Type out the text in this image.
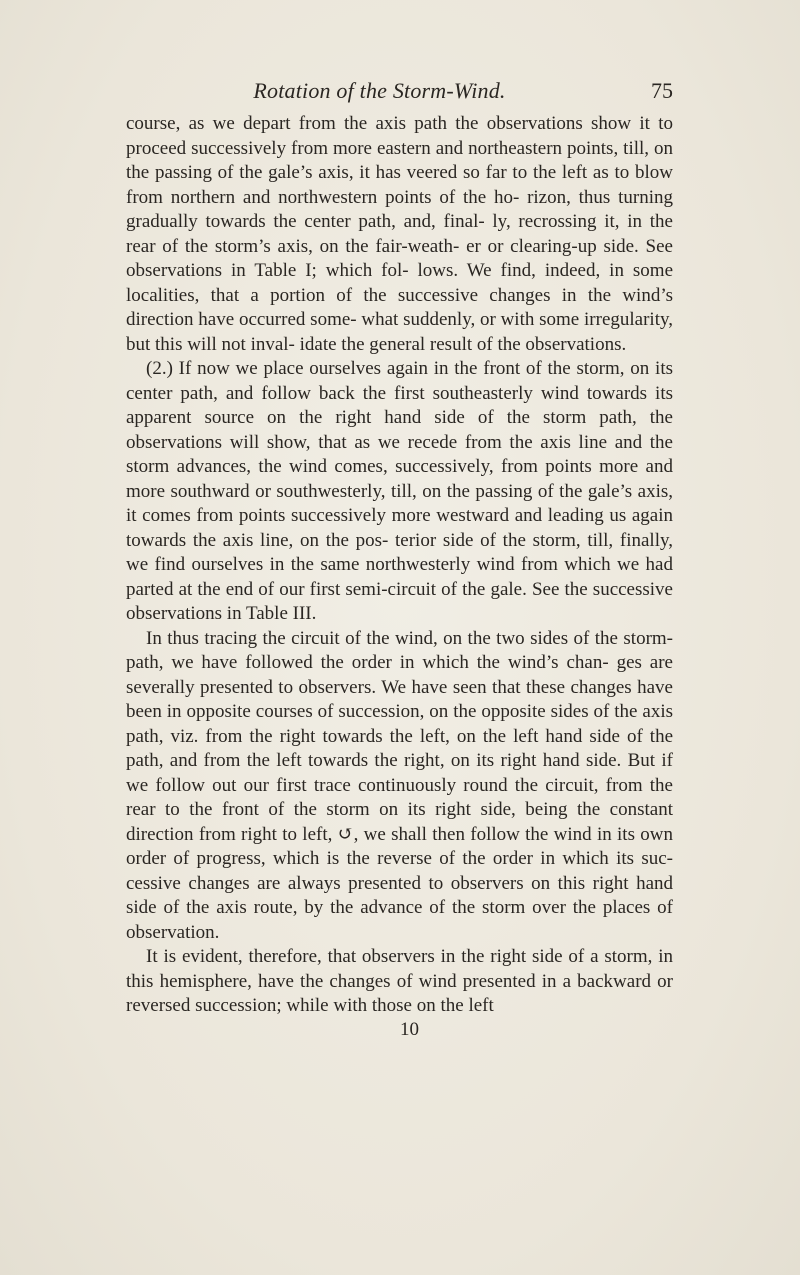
Rotation of the Storm-Wind.	75

course, as we depart from the axis path the observations show it to proceed successively from more eastern and northeastern points, till, on the passing of the gale’s axis, it has veered so far to the left as to blow from northern and northwestern points of the ho- rizon, thus turning gradually towards the center path, and, final- ly, recrossing it, in the rear of the storm’s axis, on the fair-weath- er or clearing-up side. See observations in Table I; which fol- lows. We find, indeed, in some localities, that a portion of the successive changes in the wind’s direction have occurred some- what suddenly, or with some irregularity, but this will not inval- idate the general result of the observations.

(2.) If now we place ourselves again in the front of the storm, on its center path, and follow back the first southeasterly wind towards its apparent source on the right hand side of the storm path, the observations will show, that as we recede from the axis line and the storm advances, the wind comes, successively, from points more and more southward or southwesterly, till, on the passing of the gale’s axis, it comes from points successively more westward and leading us again towards the axis line, on the pos- terior side of the storm, till, finally, we find ourselves in the same northwesterly wind from which we had parted at the end of our first semi-circuit of the gale. See the successive observations in Table III.

In thus tracing the circuit of the wind, on the two sides of the storm-path, we have followed the order in which the wind’s chan- ges are severally presented to observers. We have seen that these changes have been in opposite courses of succession, on the opposite sides of the axis path, viz. from the right towards the left, on the left hand side of the path, and from the left towards the right, on its right hand side. But if we follow out our first trace continuously round the circuit, from the rear to the front of the storm on its right side, being the constant direction from right to left, ↺, we shall then follow the wind in its own order of progress, which is the reverse of the order in which its suc- cessive changes are always presented to observers on this right hand side of the axis route, by the advance of the storm over the places of observation.

It is evident, therefore, that observers in the right side of a storm, in this hemisphere, have the changes of wind presented in a backward or reversed succession; while with those on the left

10
